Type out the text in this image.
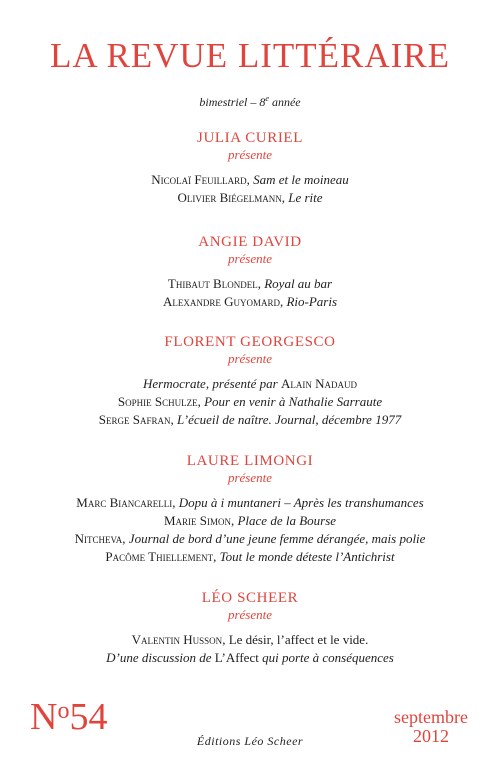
LA REVUE LITTÉRAIRE
bimestriel – 8e année
JULIA CURIEL
présente
Nicolaï Feuillard, Sam et le moineau
Olivier Biégelmann, Le rite
ANGIE DAVID
présente
Thibaut Blondel, Royal au bar
Alexandre Guyomard, Rio-Paris
FLORENT GEORGESCO
présente
Hermocrate, présenté par Alain Nadaud
Sophie Schulze, Pour en venir à Nathalie Sarraute
Serge Safran, L’écueil de naître. Journal, décembre 1977
LAURE LIMONGI
présente
Marc Biancarelli, Dopu à i muntaneri – Après les transhumances
Marie Simon, Place de la Bourse
Nitcheva, Journal de bord d’une jeune femme dérangée, mais polie
Pacôme Thiellement, Tout le monde déteste l’Antichrist
LÉO SCHEER
présente
Valentin Husson, Le désir, l’affect et le vide.
D’une discussion de L’Affect qui porte à conséquences
$N^o54$
Éditions Léo Scheer
septembre
2012
